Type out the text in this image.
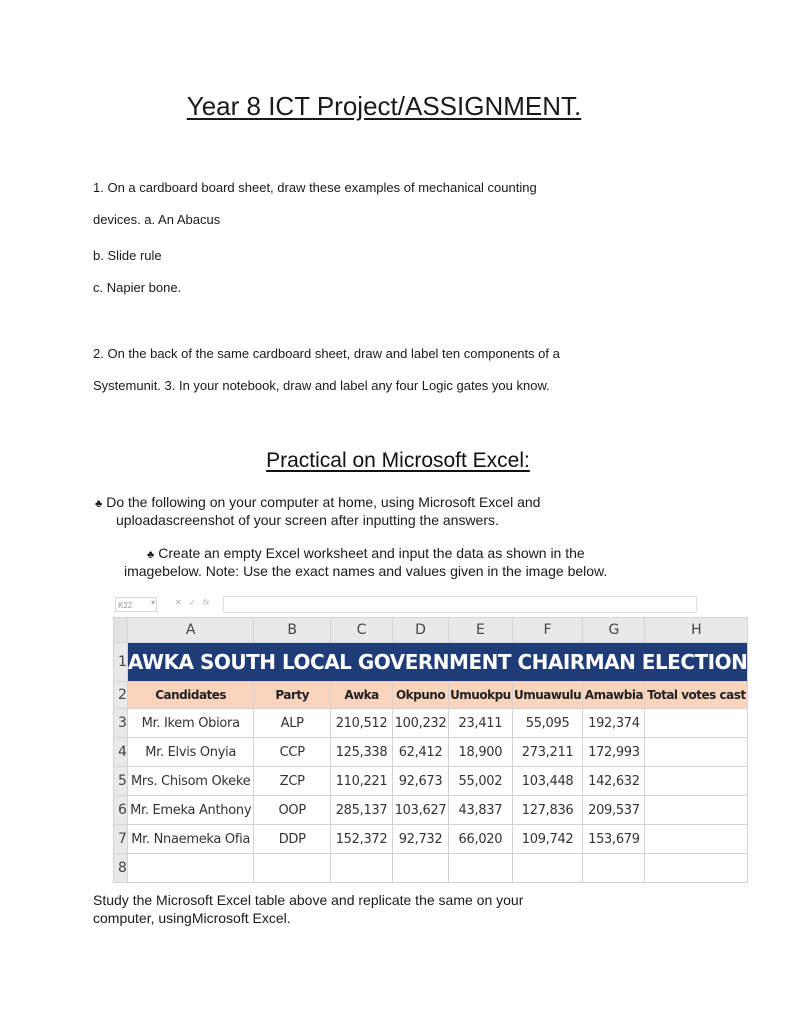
Year 8 ICT Project/ASSIGNMENT.
1. On a cardboard board sheet, draw these examples of mechanical counting
devices. a. An Abacus
b. Slide rule
c. Napier bone.
2. On the back of the same cardboard sheet, draw and label ten components of a
Systemunit. 3. In your notebook, draw and label any four Logic gates you know.
Practical on Microsoft Excel:
♣ Do the following on your computer at home, using Microsoft Excel and
uploadascreenshot of your screen after inputting the answers.
♣ Create an empty Excel worksheet and input the data as shown in the
imagebelow. Note: Use the exact names and values given in the image below.
K22	▾ ✕ ✓ fx
	A	B	C	D	E	F	G	H
1	AWKA SOUTH LOCAL GOVERNMENT CHAIRMAN ELECTION							
2	Candidates	Party	Awka	Okpuno	Umuokpu	Umuawulu	Amawbia	Total votes cast
3	Mr. Ikem Obiora	ALP	210,512	100,232	23,411	55,095	192,374	
4	Mr. Elvis Onyia	CCP	125,338	62,412	18,900	273,211	172,993	
5	Mrs. Chisom Okeke	ZCP	110,221	92,673	55,002	103,448	142,632	
6	Mr. Emeka Anthony	OOP	285,137	103,627	43,837	127,836	209,537	
7	Mr. Nnaemeka Ofia	DDP	152,372	92,732	66,020	109,742	153,679	
8								
Study the Microsoft Excel table above and replicate the same on your
computer, usingMicrosoft Excel.
